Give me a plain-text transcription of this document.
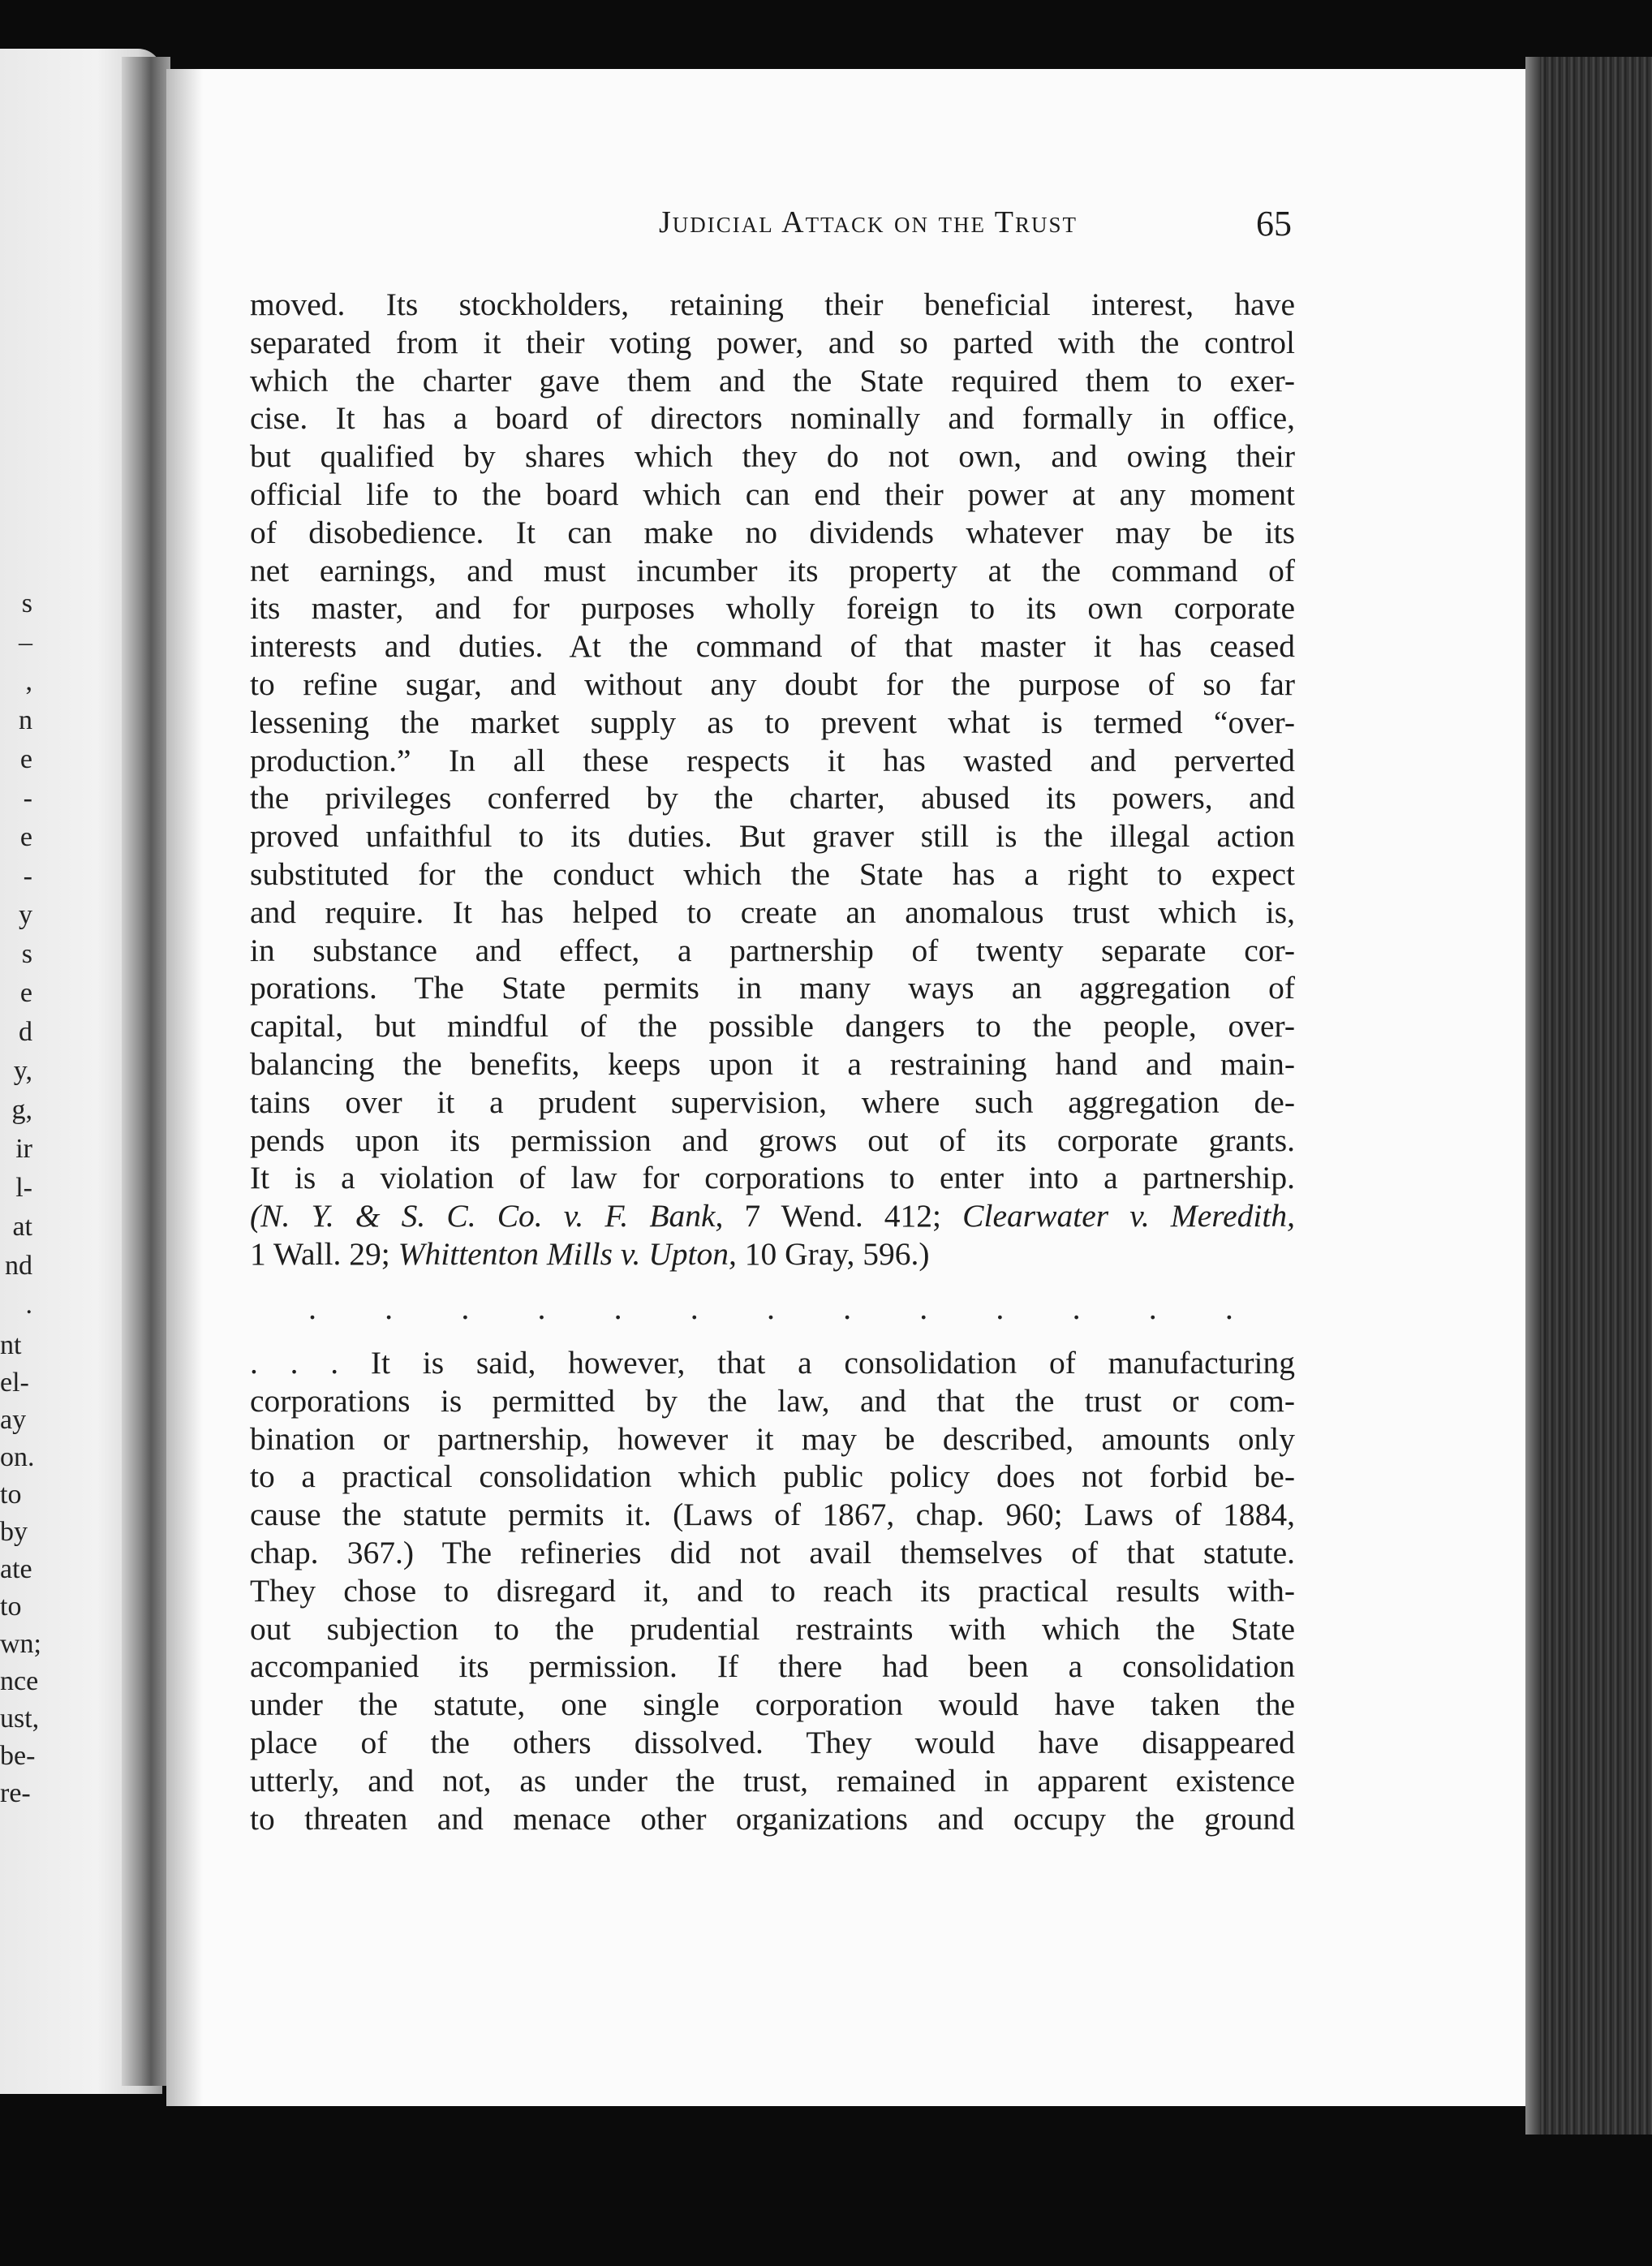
s
–
,
n
e
-
e
-
y
s
e
d
y,
g,
ir
l-
at
nd
.
nt
el-
ay
on.
to
by
ate
to
wn;
nce
ust,
be-
re-
Judicial Attack on the Trust	65
moved. Its stockholders, retaining their beneficial interest, have
separated from it their voting power, and so parted with the control
which the charter gave them and the State required them to exer-
cise. It has a board of directors nominally and formally in office,
but qualified by shares which they do not own, and owing their
official life to the board which can end their power at any moment
of disobedience. It can make no dividends whatever may be its
net earnings, and must incumber its property at the command of
its master, and for purposes wholly foreign to its own corporate
interests and duties. At the command of that master it has ceased
to refine sugar, and without any doubt for the purpose of so far
lessening the market supply as to prevent what is termed “over-
production.” In all these respects it has wasted and perverted
the privileges conferred by the charter, abused its powers, and
proved unfaithful to its duties. But graver still is the illegal action
substituted for the conduct which the State has a right to expect
and require. It has helped to create an anomalous trust which is,
in substance and effect, a partnership of twenty separate cor-
porations. The State permits in many ways an aggregation of
capital, but mindful of the possible dangers to the people, over-
balancing the benefits, keeps upon it a restraining hand and main-
tains over it a prudent supervision, where such aggregation de-
pends upon its permission and grows out of its corporate grants.
It is a violation of law for corporations to enter into a partnership.
(N. Y. & S. C. Co. v. F. Bank, 7 Wend. 412; Clearwater v. Meredith,
1 Wall. 29; Whittenton Mills v. Upton, 10 Gray, 596.)
. . . . . . . . . . . . .
. . . It is said, however, that a consolidation of manufacturing
corporations is permitted by the law, and that the trust or com-
bination or partnership, however it may be described, amounts only
to a practical consolidation which public policy does not forbid be-
cause the statute permits it. (Laws of 1867, chap. 960; Laws of 1884,
chap. 367.) The refineries did not avail themselves of that statute.
They chose to disregard it, and to reach its practical results with-
out subjection to the prudential restraints with which the State
accompanied its permission. If there had been a consolidation
under the statute, one single corporation would have taken the
place of the others dissolved. They would have disappeared
utterly, and not, as under the trust, remained in apparent existence
to threaten and menace other organizations and occupy the ground
